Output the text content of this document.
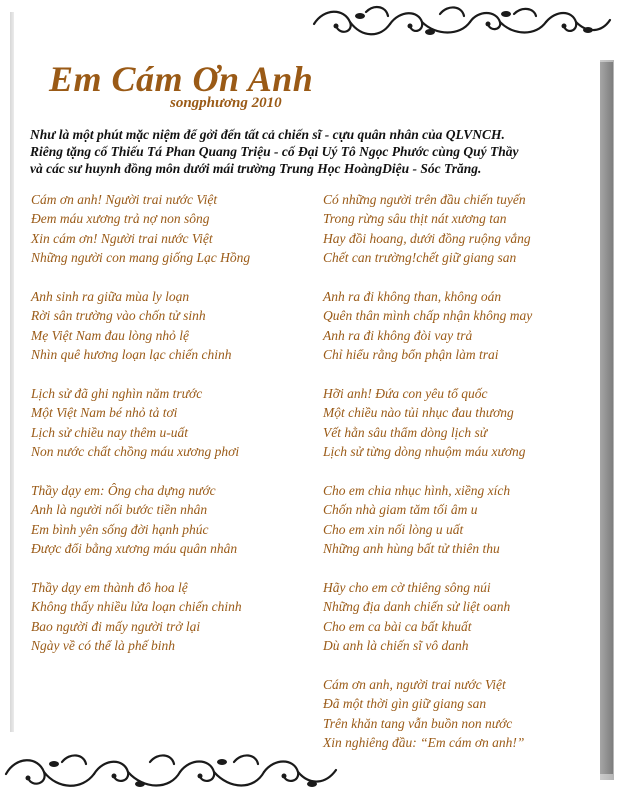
Em Cám Ơn Anh
songphương 2010
Như là một phút mặc niệm để gởi đến tất cả chiến sĩ - cựu quân nhân của QLVNCH.
Riêng tặng cố Thiếu Tá Phan Quang Triệu - cố Đại Uý Tô Ngọc Phước cùng Quý Thầy
và các sư huynh đồng môn dưới mái trường Trung Học HoàngDiệu - Sóc Trăng.
Cám ơn anh! Người trai nước Việt
Đem máu xương trả nợ non sông
Xin cám ơn! Người trai nước Việt
Những người con mang giống Lạc Hồng
Anh sinh ra giữa mùa ly loạn
Rời sân trường vào chốn tử sinh
Mẹ Việt Nam đau lòng nhỏ lệ
Nhìn quê hương loạn lạc chiến chinh
Lịch sử đã ghi nghìn năm trước
Một Việt Nam bé nhỏ tả tơi
Lịch sử chiều nay thêm u-uất
Non nước chất chồng máu xương phơi
Thầy dạy em: Ông cha dựng nước
Anh là người nối bước tiền nhân
Em bình yên sống đời hạnh phúc
Được đổi bằng xương máu quân nhân
Thầy dạy em thành đô hoa lệ
Không thấy nhiều lửa loạn chiến chinh
Bao người đi mấy người trở lại
Ngày về có thể là phế binh
Có những người trên đầu chiến tuyến
Trong rừng sâu thịt nát xương tan
Hay đồi hoang, dưới đồng ruộng vắng
Chết can trường!chết giữ giang san
Anh ra đi không than, không oán
Quên thân mình chấp nhận không may
Anh ra đi không đòi vay trả
Chỉ hiểu rằng bổn phận làm trai
Hỡi anh! Đứa con yêu tổ quốc
Một chiều nào tủi nhục đau thương
Vết hằn sâu thẩm dòng lịch sử
Lịch sử từng dòng nhuộm máu xương
Cho em chia nhục hình, xiềng xích
Chốn nhà giam tăm tối âm u
Cho em xin nối lòng u uất
Những anh hùng bất tử thiên thu
Hãy cho em cờ thiêng sông núi
Những địa danh chiến sử liệt oanh
Cho em ca bài ca bất khuất
Dù anh là chiến sĩ vô danh
Cám ơn anh, người trai nước Việt
Đã một thời gìn giữ giang san
Trên khăn tang vẫn buồn non nước
Xin nghiêng đầu: “Em cám ơn anh!”
